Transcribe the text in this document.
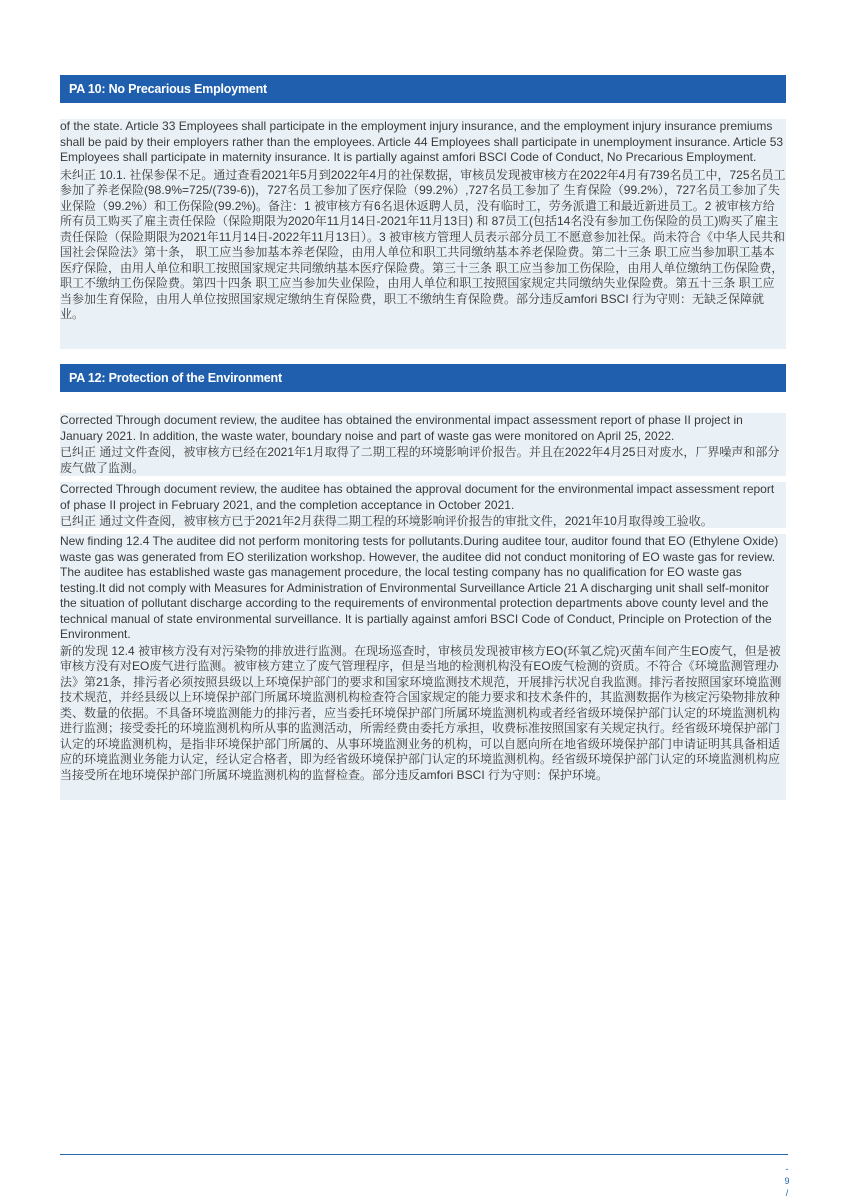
PA 10: No Precarious Employment

of the state. Article 33 Employees shall participate in the employment injury insurance, and the employment injury insurance premiums shall be paid by their employers rather than the employees. Article 44 Employees shall participate in unemployment insurance. Article 53 Employees shall participate in maternity insurance. It is partially against amfori BSCI Code of Conduct, No Precarious Employment.

未纠正 10.1. 社保参保不足。通过查看2021年5月到2022年4月的社保数据，审核员发现被审核方在2022年4月有739名员工中，725名员工参加了养老保险(98.9%=725/(739-6))，727名员工参加了医疗保险（99.2%）,727名员工参加了 生育保险（99.2%），727名员工参加了失业保险（99.2%）和工伤保险(99.2%)。备注：1 被审核方有6名退休返聘人员，没有临时工，劳务派遣工和最近新进员工。2 被审核方给所有员工购买了雇主责任保险（保险期限为2020年11月14日-2021年11月13日) 和 87员工(包括14名没有参加工伤保险的员工)购买了雇主责任保险（保险期限为2021年11月14日-2022年11月13日）。3 被审核方管理人员表示部分员工不愿意参加社保。尚未符合《中华人民共和国社会保险法》第十条， 职工应当参加基本养老保险，由用人单位和职工共同缴纳基本养老保险费。第二十三条 职工应当参加职工基本医疗保险，由用人单位和职工按照国家规定共同缴纳基本医疗保险费。第三十三条 职工应当参加工伤保险，由用人单位缴纳工伤保险费，职工不缴纳工伤保险费。第四十四条 职工应当参加失业保险，由用人单位和职工按照国家规定共同缴纳失业保险费。第五十三条 职工应当参加生育保险，由用人单位按照国家规定缴纳生育保险费，职工不缴纳生育保险费。部分违反amfori BSCI 行为守则：无缺乏保障就业。

PA 12: Protection of the Environment

Corrected Through document review, the auditee has obtained the environmental impact assessment report of phase II project in January 2021. In addition, the waste water, boundary noise and part of waste gas were monitored on April 25, 2022.

已纠正 通过文件查阅，被审核方已经在2021年1月取得了二期工程的环境影响评价报告。并且在2022年4月25日对废水，厂界噪声和部分废气做了监测。

Corrected Through document review, the auditee has obtained the approval document for the environmental impact assessment report of phase II project in February 2021, and the completion acceptance in October 2021.

已纠正 通过文件查阅，被审核方已于2021年2月获得二期工程的环境影响评价报告的审批文件，2021年10月取得竣工验收。

New finding 12.4 The auditee did not perform monitoring tests for pollutants.During auditee tour, auditor found that EO (Ethylene Oxide) waste gas was generated from EO sterilization workshop. However, the auditee did not conduct monitoring of EO waste gas for review. The auditee has established waste gas management procedure, the local testing company has no qualification for EO waste gas testing.It did not comply with Measures for Administration of Environmental Surveillance Article 21 A discharging unit shall self-monitor the situation of pollutant discharge according to the requirements of environmental protection departments above county level and the technical manual of state environmental surveillance. It is partially against amfori BSCI Code of Conduct, Principle on Protection of the Environment.

新的发现 12.4 被审核方没有对污染物的排放进行监测。在现场巡查时，审核员发现被审核方EO(环氧乙烷)灭菌车间产生EO废气，但是被审核方没有对EO废气进行监测。被审核方建立了废气管理程序，但是当地的检测机构没有EO废气检测的资质。不符合《环境监测管理办法》第21条，排污者必须按照县级以上环境保护部门的要求和国家环境监测技术规范，开展排污状况自我监测。排污者按照国家环境监测技术规范，并经县级以上环境保护部门所属环境监测机构检查符合国家规定的能力要求和技术条件的，其监测数据作为核定污染物排放种类、数量的依据。不具备环境监测能力的排污者，应当委托环境保护部门所属环境监测机构或者经省级环境保护部门认定的环境监测机构进行监测；接受委托的环境监测机构所从事的监测活动，所需经费由委托方承担，收费标准按照国家有关规定执行。经省级环境保护部门认定的环境监测机构，是指非环境保护部门所属的、从事环境监测业务的机构，可以自愿向所在地省级环境保护部门申请证明其具备相适应的环境监测业务能力认定，经认定合格者，即为经省级环境保护部门认定的环境监测机构。经省级环境保护部门认定的环境监测机构应当接受所在地环境保护部门所属环境监测机构的监督检查。部分违反amfori BSCI 行为守则：保护环境。

-
9
/
